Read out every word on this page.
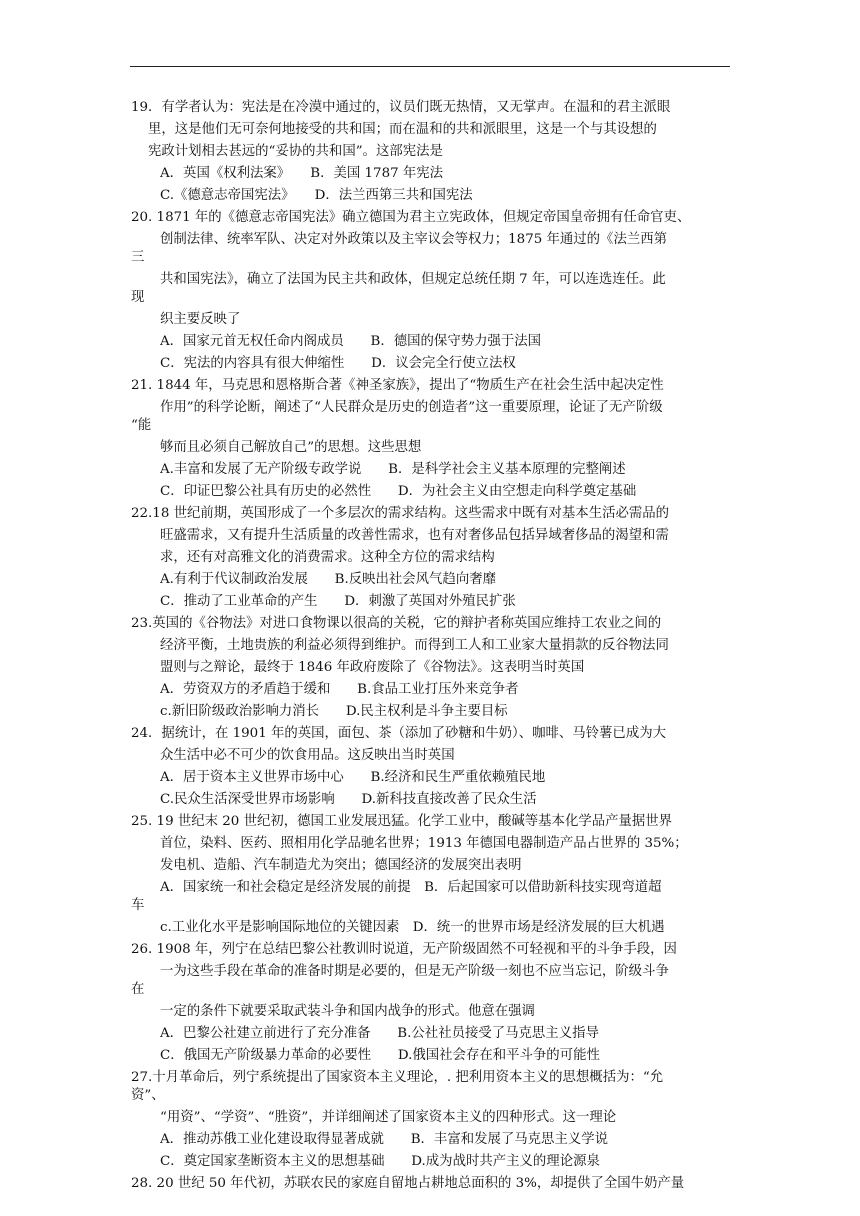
19．有学者认为：宪法是在冷漠中通过的，议员们既无热情，又无掌声。在温和的君主派眼
里，这是他们无可奈何地接受的共和国；而在温和的共和派眼里，这是一个与其设想的
宪政计划相去甚远的“妥协的共和国”。这部宪法是
A．英国《权利法案》　　B．美国 1787 年宪法
C.《德意志帝国宪法》　　D．法兰西第三共和国宪法
20. 1871 年的《德意志帝国宪法》确立德国为君主立宪政体，但规定帝国皇帝拥有任命官吏、
创制法律、统率军队、决定对外政策以及主宰议会等权力；1875 年通过的《法兰西第
三
共和国宪法》，确立了法国为民主共和政体，但规定总统任期 7 年，可以连选连任。此
现
织主要反映了
A．国家元首无权任命内阁成员　　B．德国的保守势力强于法国
C．宪法的内容具有很大伸缩性　　D．议会完全行使立法权
21. 1844 年，马克思和恩格斯合著《神圣家族》，提出了“物质生产在社会生活中起决定性
作用”的科学论断，阐述了“人民群众是历史的创造者”这一重要原理，论证了无产阶级
“能
够而且必须自己解放自己”的思想。这些思想
A.丰富和发展了无产阶级专政学说　　B．是科学社会主义基本原理的完整阐述
C．印证巴黎公社具有历史的必然性　　D．为社会主义由空想走向科学奠定基础
22.18 世纪前期，英国形成了一个多层次的需求结构。这些需求中既有对基本生活必需品的
旺盛需求，又有提升生活质量的改善性需求，也有对奢侈品包括异域奢侈品的渴望和需
求，还有对高雅文化的消费需求。这种全方位的需求结构
A.有利于代议制政治发展　　B.反映出社会风气趋向奢靡
C．推动了工业革命的产生　　D．刺激了英国对外殖民扩张
23.英国的《谷物法》对进口食物课以很高的关税，它的辩护者称英国应维持工农业之间的
经济平衡，土地贵族的利益必须得到维护。而得到工人和工业家大量捐款的反谷物法同
盟则与之辩论，最终于 1846 年政府废除了《谷物法》。这表明当时英国
A．劳资双方的矛盾趋于缓和　　B.食品工业打压外来竞争者
c.新旧阶级政治影响力消长　　D.民主权利是斗争主要目标
24．据统计，在 1901 年的英国，面包、茶（添加了砂糖和牛奶）、咖啡、马铃薯已成为大
众生活中必不可少的饮食用品。这反映出当时英国
A．居于资本主义世界市场中心　　B.经济和民生严重依赖殖民地
C.民众生活深受世界市场影响　　D.新科技直接改善了民众生活
25. 19 世纪末 20 世纪初，德国工业发展迅猛。化学工业中，酸碱等基本化学品产量据世界
首位，染料、医药、照相用化学品驰名世界；1913 年德国电器制造产品占世界的 35%；
发电机、造船、汽车制造尤为突出；德国经济的发展突出表明
A．国家统一和社会稳定是经济发展的前提　B．后起国家可以借助新科技实现弯道超
车
c.工业化水平是影响国际地位的关键因素　D．统一的世界市场是经济发展的巨大机遇
26. 1908 年，列宁在总结巴黎公社教训时说道，无产阶级固然不可轻视和平的斗争手段，因
一为这些手段在革命的准备时期是必要的，但是无产阶级一刻也不应当忘记，阶级斗争
在
一定的条件下就要采取武装斗争和国内战争的形式。他意在强调
A．巴黎公社建立前进行了充分准备　　B.公社社员接受了马克思主义指导
C．俄国无产阶级暴力革命的必要性　　D.俄国社会存在和平斗争的可能性
27.十月革命后，列宁系统提出了国家资本主义理论，. 把利用资本主义的思想概括为：“允
资”、
“用资”、“学资”、“胜资”，并详细阐述了国家资本主义的四种形式。这一理论
A．推动苏俄工业化建设取得显著成就　　B．丰富和发展了马克思主义学说
C．奠定国家垄断资本主义的思想基础　　D.成为战时共产主义的理论源泉
28. 20 世纪 50 年代初，苏联农民的家庭自留地占耕地总面积的 3%，却提供了全国牛奶产量
